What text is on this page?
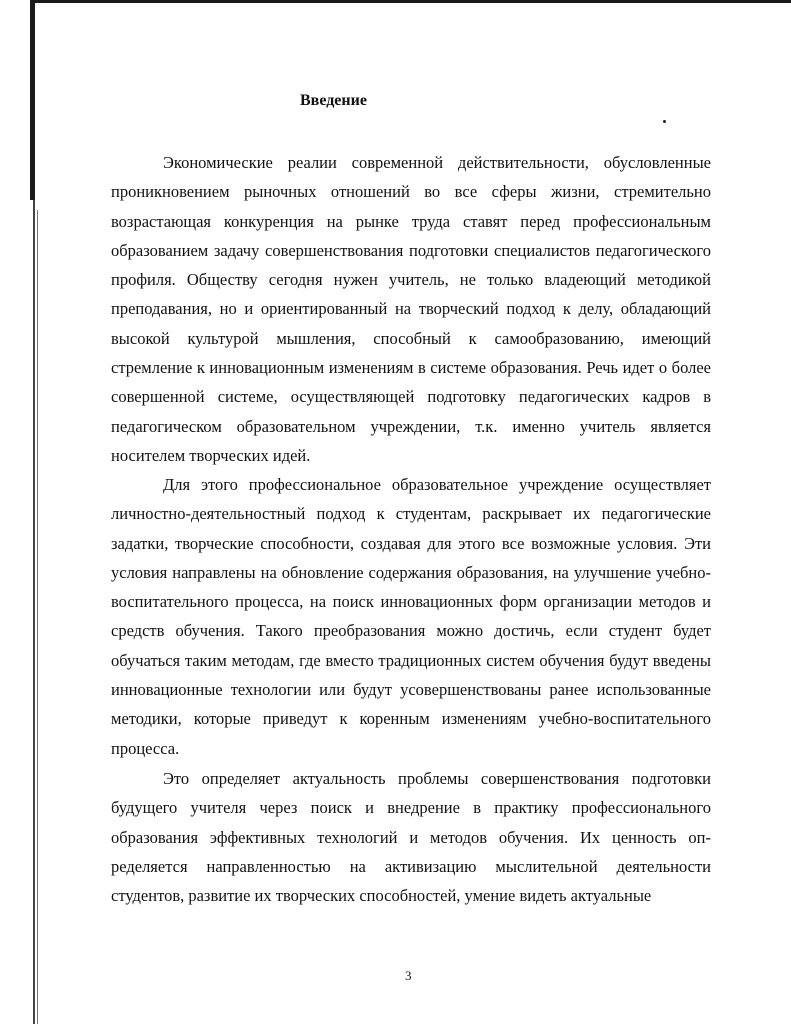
Введение

Экономические реалии современной действительности, обусловленные проникновением рыночных отношений во все сферы жизни, стремительно возрастающая конкуренция на рынке труда ставят перед профессиональным образованием задачу совершенствования подготовки специалистов педагогического профиля. Обществу сегодня нужен учитель, не только владеющий методикой преподавания, но и ориентированный на творческий подход к делу, обладающий высокой культурой мышления, способный к самообразованию, имеющий стремление к инновационным изменениям в системе образования. Речь идет о более совершенной системе, осуществляющей подготовку педагогических кадров в педагогическом образовательном учреждении, т.к. именно учитель является носителем творческих идей.

Для этого профессиональное образовательное учреждение осуществляет личностно-деятельностный подход к студентам, раскрывает их педагогические задатки, творческие способности, создавая для этого все возможные условия. Эти условия направлены на обновление содержания образования, на улучшение учебно-воспитательного процесса, на поиск инновационных форм организации методов и средств обучения. Такого преобразования можно достичь, если студент будет обучаться таким методам, где вместо традиционных систем обучения будут введены инновационные технологии или будут усовершенствованы ранее использованные методики, которые приведут к коренным изменениям учебно-воспитательного процесса.

Это определяет актуальность проблемы совершенствования подготовки будущего учителя через поиск и внедрение в практику профессионального образования эффективных технологий и методов обучения. Их ценность определяется направленностью на активизацию мыслительной деятельности студентов, развитие их творческих способностей, умение видеть актуальные

3
